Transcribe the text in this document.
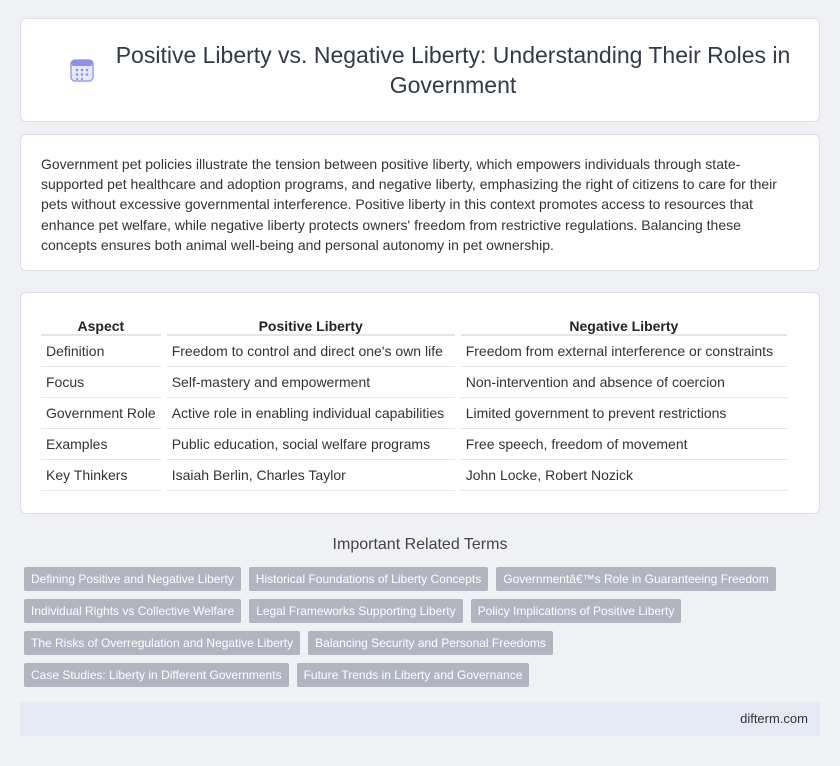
Positive Liberty vs. Negative Liberty: Understanding Their Roles in Government

Government pet policies illustrate the tension between positive liberty, which empowers individuals through state-supported pet healthcare and adoption programs, and negative liberty, emphasizing the right of citizens to care for their pets without excessive governmental interference. Positive liberty in this context promotes access to resources that enhance pet welfare, while negative liberty protects owners' freedom from restrictive regulations. Balancing these concepts ensures both animal well-being and personal autonomy in pet ownership.

Aspect	Positive Liberty	Negative Liberty
Definition	Freedom to control and direct one's own life	Freedom from external interference or constraints
Focus	Self-mastery and empowerment	Non-intervention and absence of coercion
Government Role	Active role in enabling individual capabilities	Limited government to prevent restrictions
Examples	Public education, social welfare programs	Free speech, freedom of movement
Key Thinkers	Isaiah Berlin, Charles Taylor	John Locke, Robert Nozick
Important Related Terms
Defining Positive and Negative Liberty	Historical Foundations of Liberty Concepts	Governmentâ€™s Role in Guaranteeing Freedom
Individual Rights vs Collective Welfare	Legal Frameworks Supporting Liberty	Policy Implications of Positive Liberty
The Risks of Overregulation and Negative Liberty	Balancing Security and Personal Freedoms
Case Studies: Liberty in Different Governments	Future Trends in Liberty and Governance
difterm.com
